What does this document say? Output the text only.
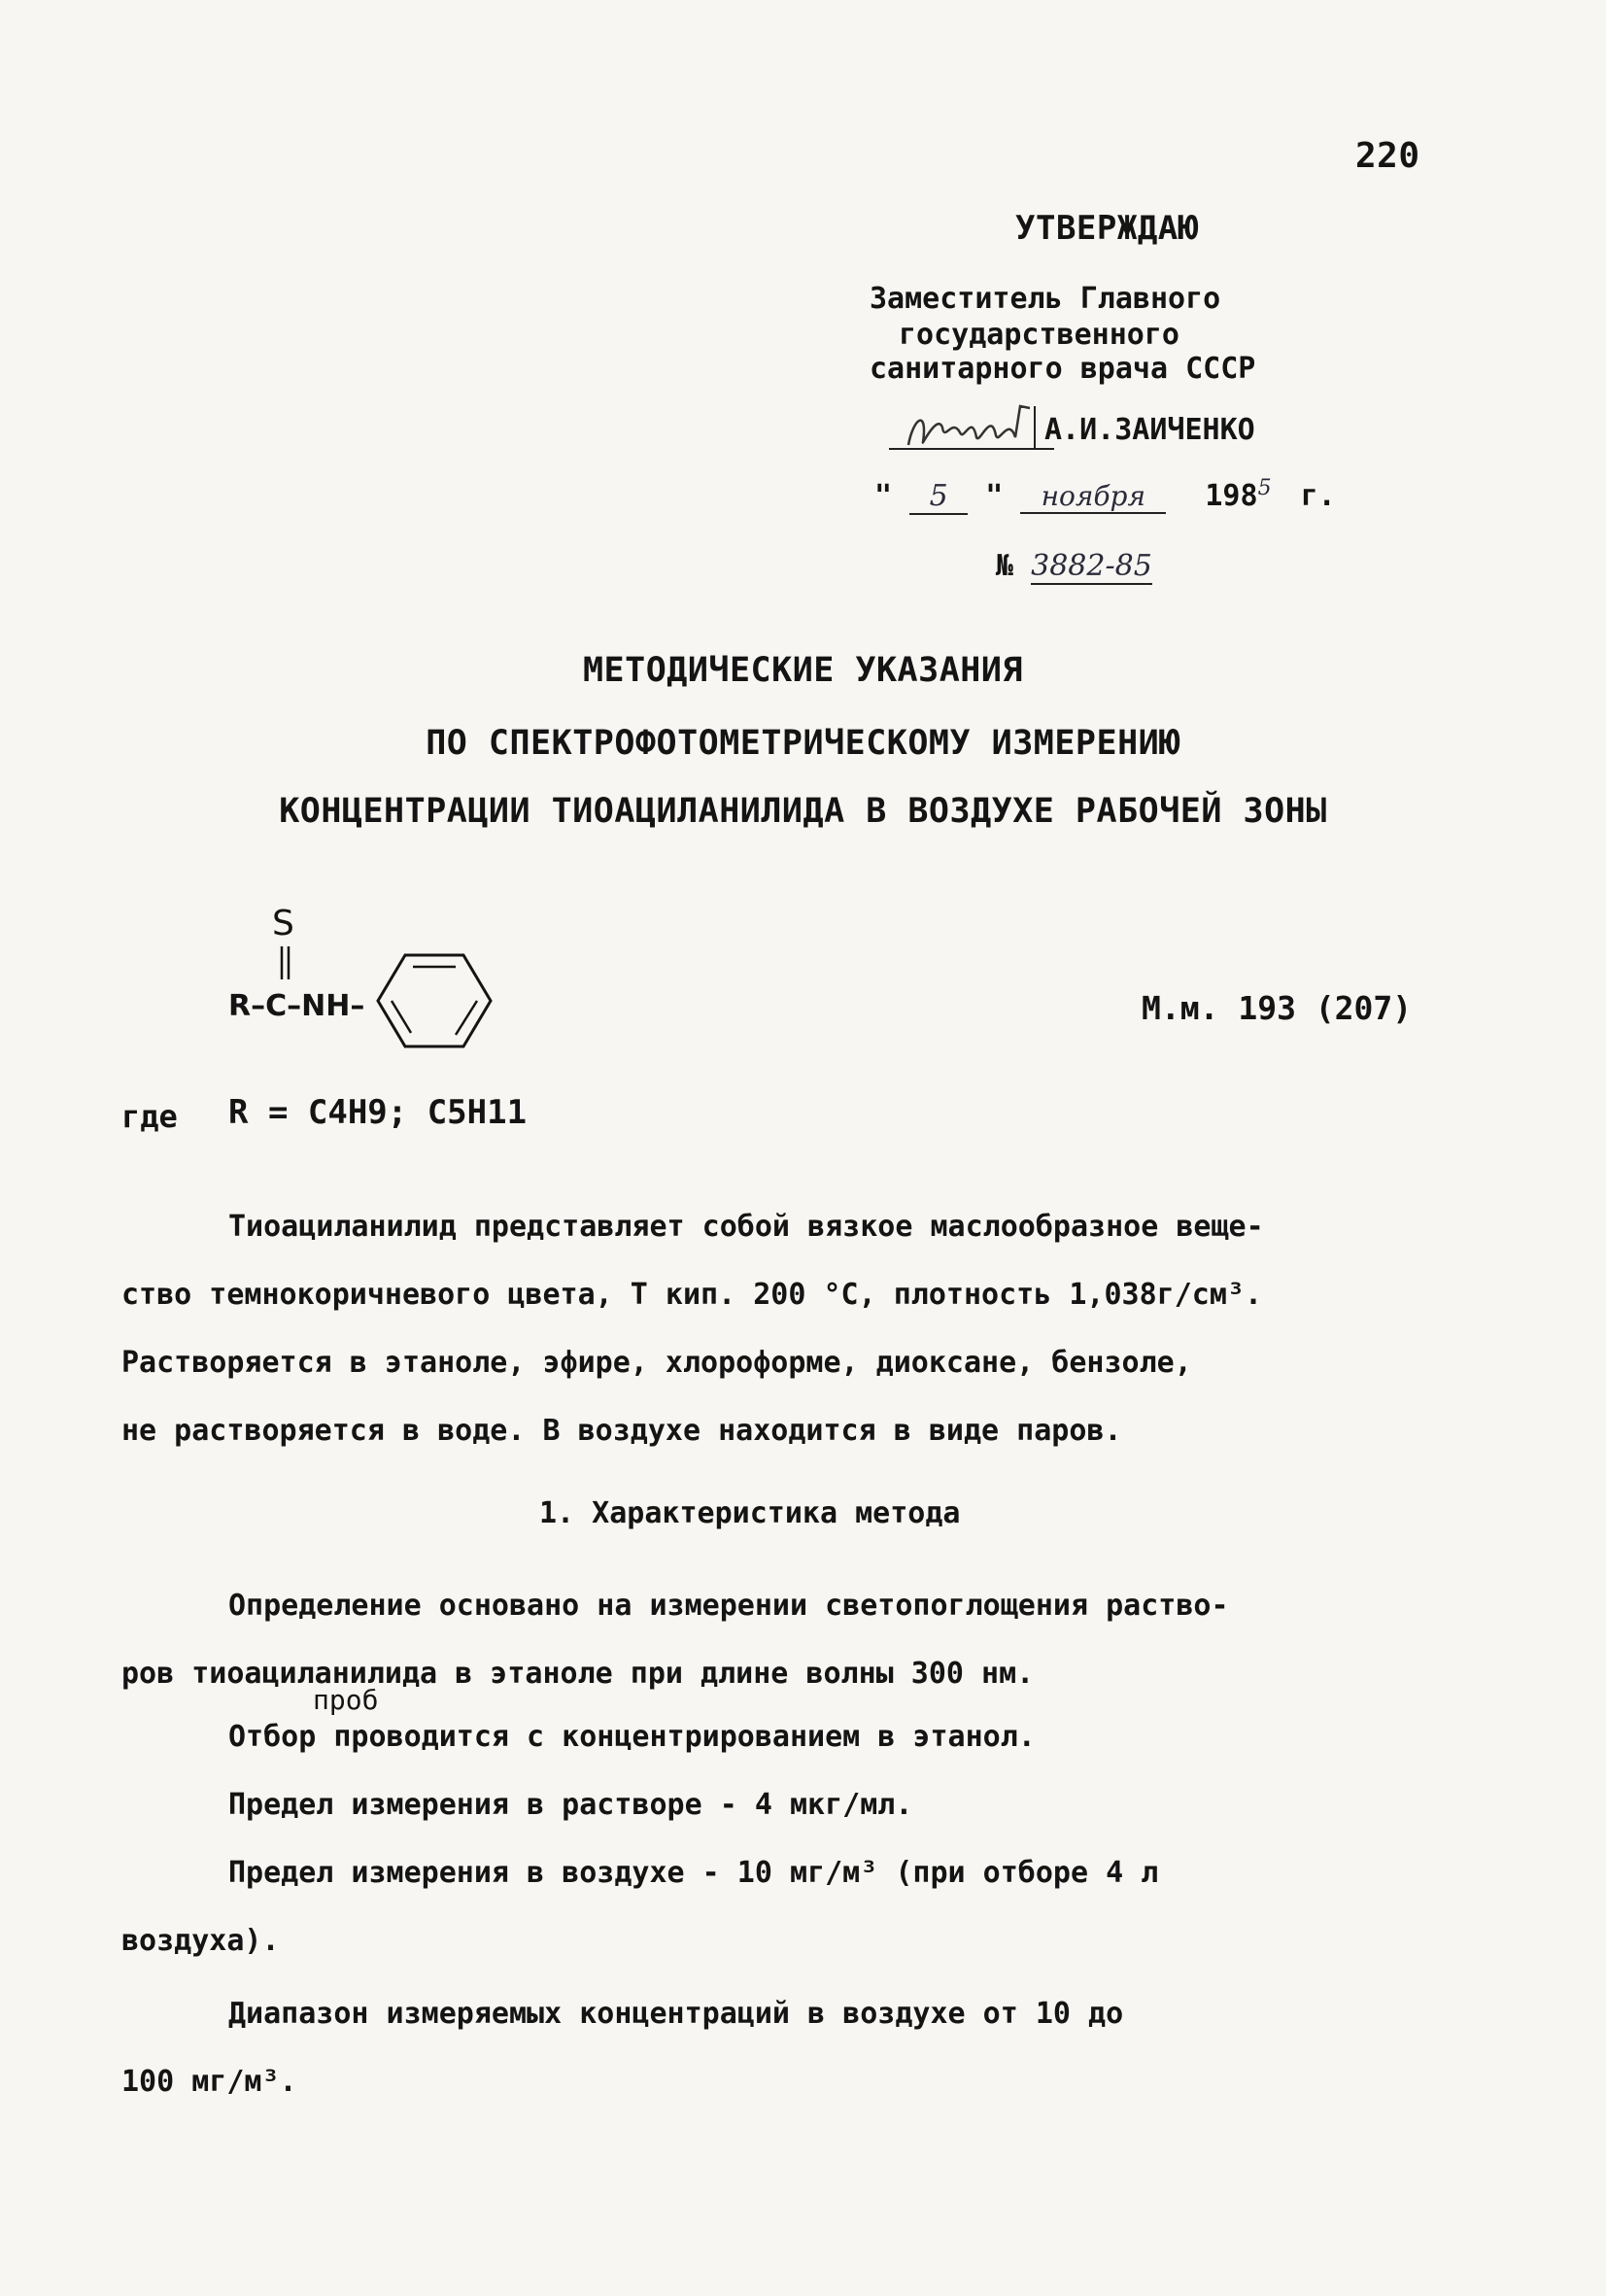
220
УТВЕРЖДАЮ
Заместитель Главного
государственного
санитарного врача СССР
А.И.ЗАИЧЕНКО
" 5 " ноября $198^5$ г.
№ 3882-85
МЕТОДИЧЕСКИЕ УКАЗАНИЯ
ПО СПЕКТРОФОТОМЕТРИЧЕСКОМУ ИЗМЕРЕНИЮ
КОНЦЕНТРАЦИИ ТИОАЦИЛАНИЛИДА В ВОЗДУХЕ РАБОЧЕЙ ЗОНЫ
S
R–C–NH–	М.м. 193 (207)
где R = C4H9; C5H11
Тиоациланилид представляет собой вязкое маслообразное веще-
ство темнокоричневого цвета, Т кип. 200 °С, плотность 1,038г/см³.
Растворяется в этаноле, эфире, хлороформе, диоксане, бензоле,
не растворяется в воде. В воздухе находится в виде паров.
1. Характеристика метода
Определение основано на измерении светопоглощения раство-
ров тиоациланилида в этаноле при длине волны 300 нм.
проб
Отбор проводится с концентрированием в этанол.
Предел измерения в растворе - 4 мкг/мл.
Предел измерения в воздухе - 10 мг/м³ (при отборе 4 л
воздуха).
Диапазон измеряемых концентраций в воздухе от 10 до
100 мг/м³.
